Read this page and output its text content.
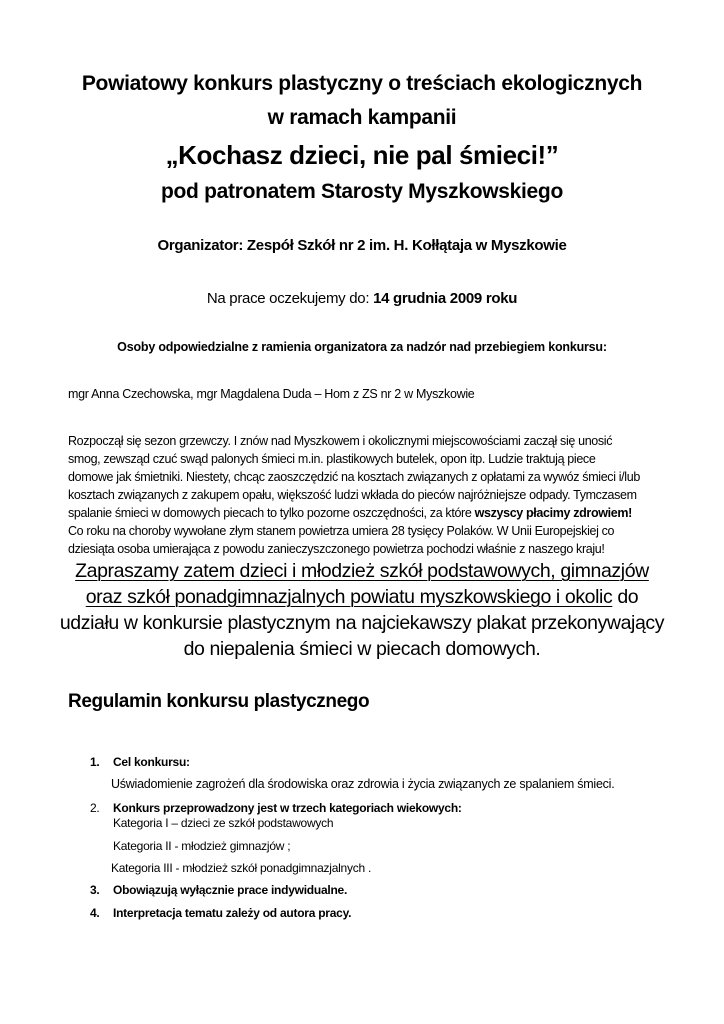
Powiatowy konkurs plastyczny o treściach ekologicznych
w ramach kampanii
„Kochasz dzieci, nie pal śmieci!”
pod patronatem Starosty Myszkowskiego
Organizator: Zespół Szkół nr 2 im. H. Kołłątaja w Myszkowie
Na prace oczekujemy do: 14 grudnia 2009 roku
Osoby odpowiedzialne z ramienia organizatora za nadzór nad przebiegiem konkursu:
mgr Anna Czechowska, mgr Magdalena Duda – Hom z ZS nr 2 w Myszkowie

Rozpoczął się sezon grzewczy. I znów nad Myszkowem i okolicznymi miejscowościami zaczął się unosić

smog, zewsząd czuć swąd palonych śmieci m.in. plastikowych butelek, opon itp. Ludzie traktują piece

domowe jak śmietniki. Niestety, chcąc zaoszczędzić na kosztach związanych z opłatami za wywóz śmieci i/lub

kosztach związanych z zakupem opału, większość ludzi wkłada do pieców najróżniejsze odpady. Tymczasem

spalanie śmieci w domowych piecach to tylko pozorne oszczędności, za które wszyscy płacimy zdrowiem!

Co roku na choroby wywołane złym stanem powietrza umiera 28 tysięcy Polaków. W Unii Europejskiej co

dziesiąta osoba umierająca z powodu zanieczyszczonego powietrza pochodzi właśnie z naszego kraju!

Zapraszamy zatem dzieci i młodzież szkół podstawowych, gimnazjów

oraz szkół ponadgimnazjalnych powiatu myszkowskiego i okolic do

udziału w konkursie plastycznym na najciekawszy plakat przekonywający

do niepalenia śmieci w piecach domowych.

Regulamin konkursu plastycznego
1.	Cel konkursu:
Uświadomienie zagrożeń dla środowiska oraz zdrowia i życia związanych ze spalaniem śmieci.
2.	Konkurs przeprowadzony jest w trzech kategoriach wiekowych:
Kategoria I – dzieci ze szkół podstawowych
Kategoria II - młodzież gimnazjów ;
Kategoria III - młodzież szkół ponadgimnazjalnych .
3.	Obowiązują wyłącznie prace indywidualne.
4.	Interpretacja tematu zależy od autora pracy.
